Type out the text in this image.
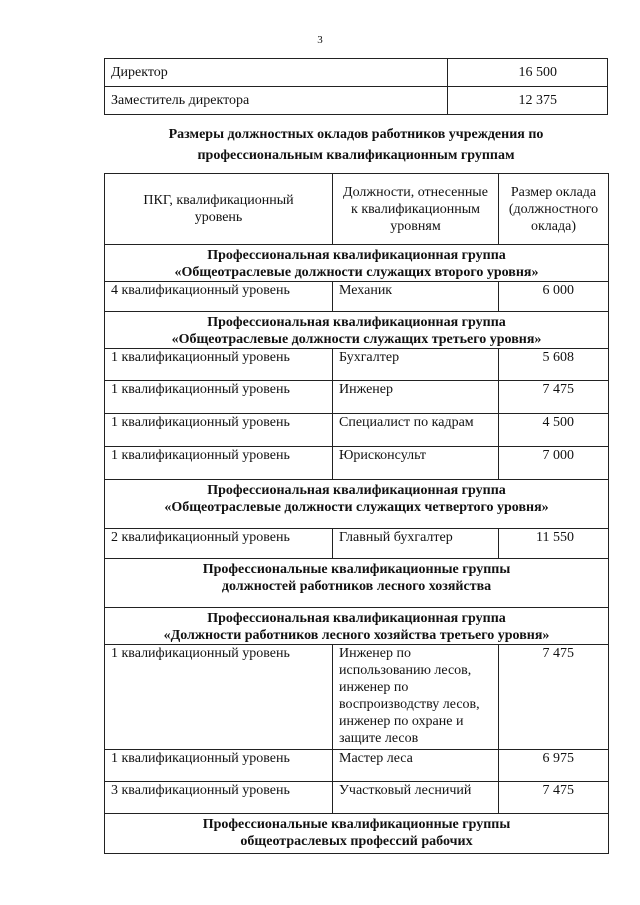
3
Директор	16 500
Заместитель директора	12 375
Размеры должностных окладов работников учреждения по
профессиональным квалификационным группам
ПКГ, квалификационный уровень	Должности, отнесенные к квалификационным уровням	Размер оклада (должностного оклада)

Профессиональная квалификационная группа
«Общеотраслевые должности служащих второго уровня»		

4 квалификационный уровень	Механик	6 000

Профессиональная квалификационная группа
«Общеотраслевые должности служащих третьего уровня»		

1 квалификационный уровень	Бухгалтер	5 608
1 квалификационный уровень	Инженер	7 475
1 квалификационный уровень	Специалист по кадрам	4 500
1 квалификационный уровень	Юрисконсульт	7 000

Профессиональная квалификационная группа
«Общеотраслевые должности служащих четвертого уровня»		

2 квалификационный уровень	Главный бухгалтер	11 550

Профессиональные квалификационные группы
должностей работников лесного хозяйства		

Профессиональная квалификационная группа
«Должности работников лесного хозяйства третьего уровня»		

1 квалификационный уровень	Инженер по использованию лесов, инженер по воспроизводству лесов, инженер по охране и защите лесов	7 475
1 квалификационный уровень	Мастер леса	6 975
3 квалификационный уровень	Участковый лесничий	7 475

Профессиональные квалификационные группы
общеотраслевых профессий рабочих		
